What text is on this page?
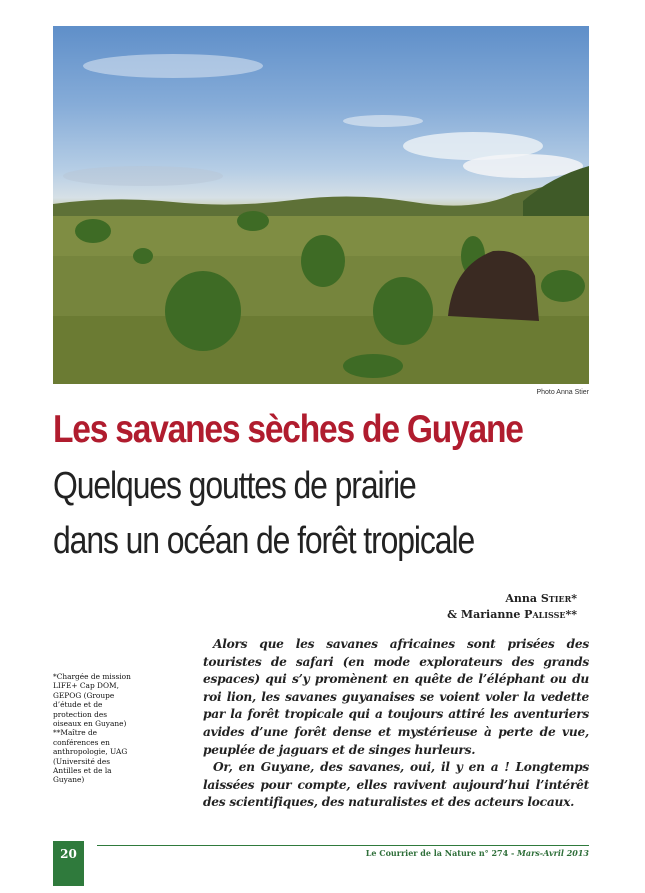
Photo Anna Stier
Les savanes sèches de Guyane
Quelques gouttes de prairie
dans un océan de forêt tropicale
Anna Stier*
& Marianne Palisse**

*Chargée de mission LIFE+ Cap DOM, GEPOG (Groupe d’étude et de protection des oiseaux en Guyane)

**Maître de conférences en anthropologie, UAG (Université des Antilles et de la Guyane)

Alors que les savanes africaines sont prisées des touristes de safari (en mode explorateurs des grands espaces) qui s’y promènent en quête de l’éléphant ou du roi lion, les savanes guyanaises se voient voler la vedette par la forêt tropicale qui a toujours attiré les aventuriers avides d’une forêt dense et mystérieuse à perte de vue, peuplée de jaguars et de singes hurleurs.

Or, en Guyane, des savanes, oui, il y en a ! Longtemps laissées pour compte, elles ravivent aujourd’hui l’intérêt des scientifiques, des naturalistes et des acteurs locaux.

20	Le Courrier de la Nature n° 274 - Mars-Avril 2013
